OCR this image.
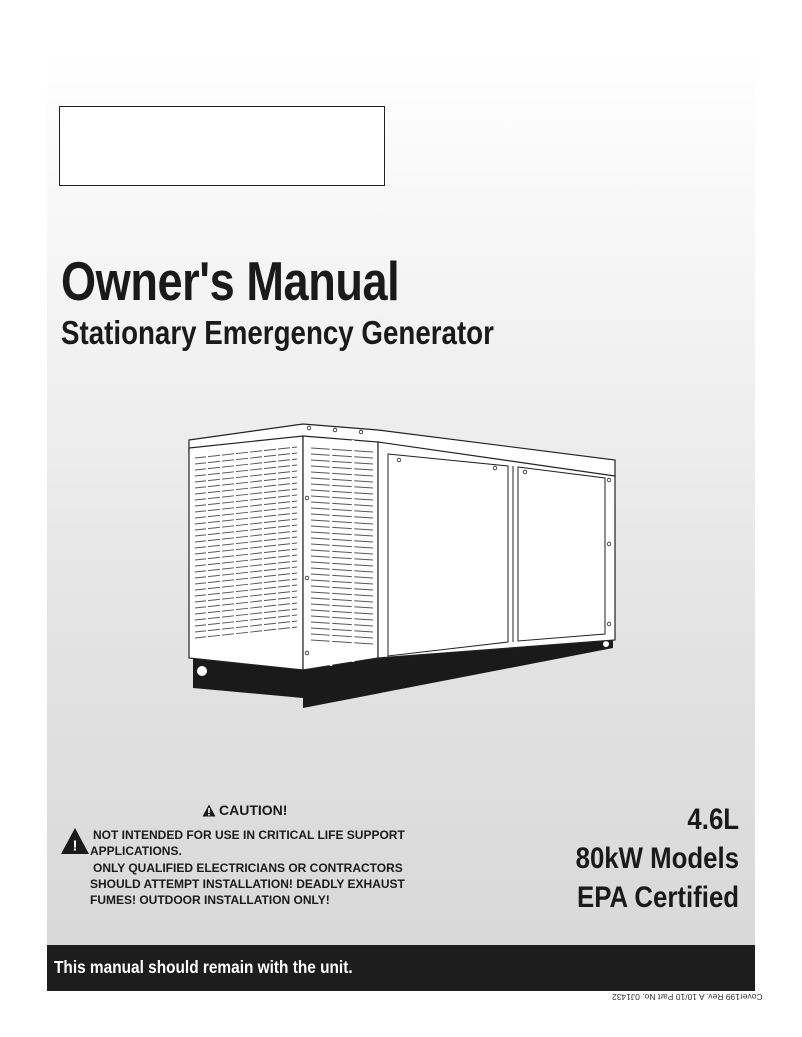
Owner's Manual
Stationary Emergency Generator
CAUTION!
!
NOT INTENDED FOR USE IN CRITICAL LIFE SUPPORT
APPLICATIONS.
ONLY QUALIFIED ELECTRICIANS OR CONTRACTORS
SHOULD ATTEMPT INSTALLATION! DEADLY EXHAUST
FUMES! OUTDOOR INSTALLATION ONLY!
4.6L
80kW Models
EPA Certified
This manual should remain with the unit.
Cover199 Rev. A 10/10 Part No. 0J1432
